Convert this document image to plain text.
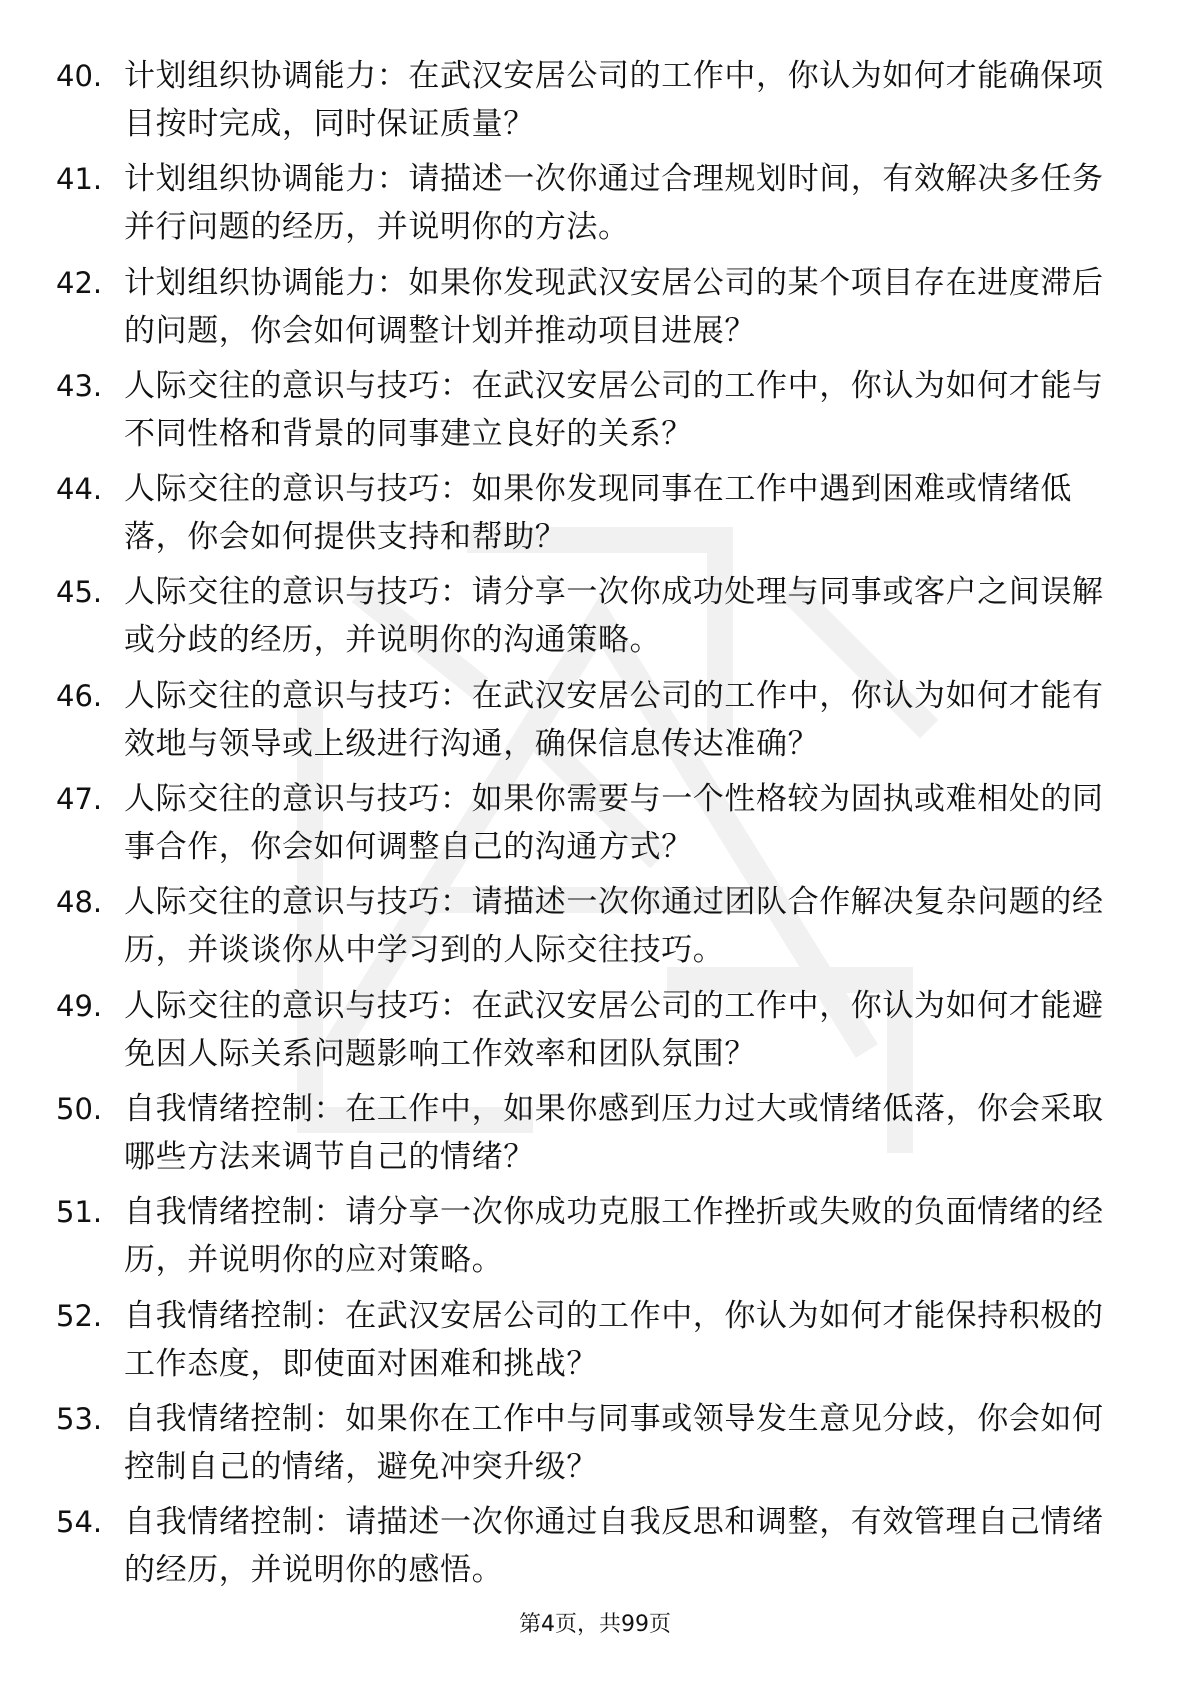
40. 计划组织协调能力：在武汉安居公司的工作中，你认为如何才能确保项目按时完成，同时保证质量？
41. 计划组织协调能力：请描述一次你通过合理规划时间，有效解决多任务并行问题的经历，并说明你的方法。
42. 计划组织协调能力：如果你发现武汉安居公司的某个项目存在进度滞后的问题，你会如何调整计划并推动项目进展？
43. 人际交往的意识与技巧：在武汉安居公司的工作中，你认为如何才能与不同性格和背景的同事建立良好的关系？
44. 人际交往的意识与技巧：如果你发现同事在工作中遇到困难或情绪低落，你会如何提供支持和帮助？
45. 人际交往的意识与技巧：请分享一次你成功处理与同事或客户之间误解或分歧的经历，并说明你的沟通策略。
46. 人际交往的意识与技巧：在武汉安居公司的工作中，你认为如何才能有效地与领导或上级进行沟通，确保信息传达准确？
47. 人际交往的意识与技巧：如果你需要与一个性格较为固执或难相处的同事合作，你会如何调整自己的沟通方式？
48. 人际交往的意识与技巧：请描述一次你通过团队合作解决复杂问题的经历，并谈谈你从中学习到的人际交往技巧。
49. 人际交往的意识与技巧：在武汉安居公司的工作中，你认为如何才能避免因人际关系问题影响工作效率和团队氛围？
50. 自我情绪控制：在工作中，如果你感到压力过大或情绪低落，你会采取哪些方法来调节自己的情绪？
51. 自我情绪控制：请分享一次你成功克服工作挫折或失败的负面情绪的经历，并说明你的应对策略。
52. 自我情绪控制：在武汉安居公司的工作中，你认为如何才能保持积极的工作态度，即使面对困难和挑战？
53. 自我情绪控制：如果你在工作中与同事或领导发生意见分歧，你会如何控制自己的情绪，避免冲突升级？
54. 自我情绪控制：请描述一次你通过自我反思和调整，有效管理自己情绪的经历，并说明你的感悟。
第4页，共99页
